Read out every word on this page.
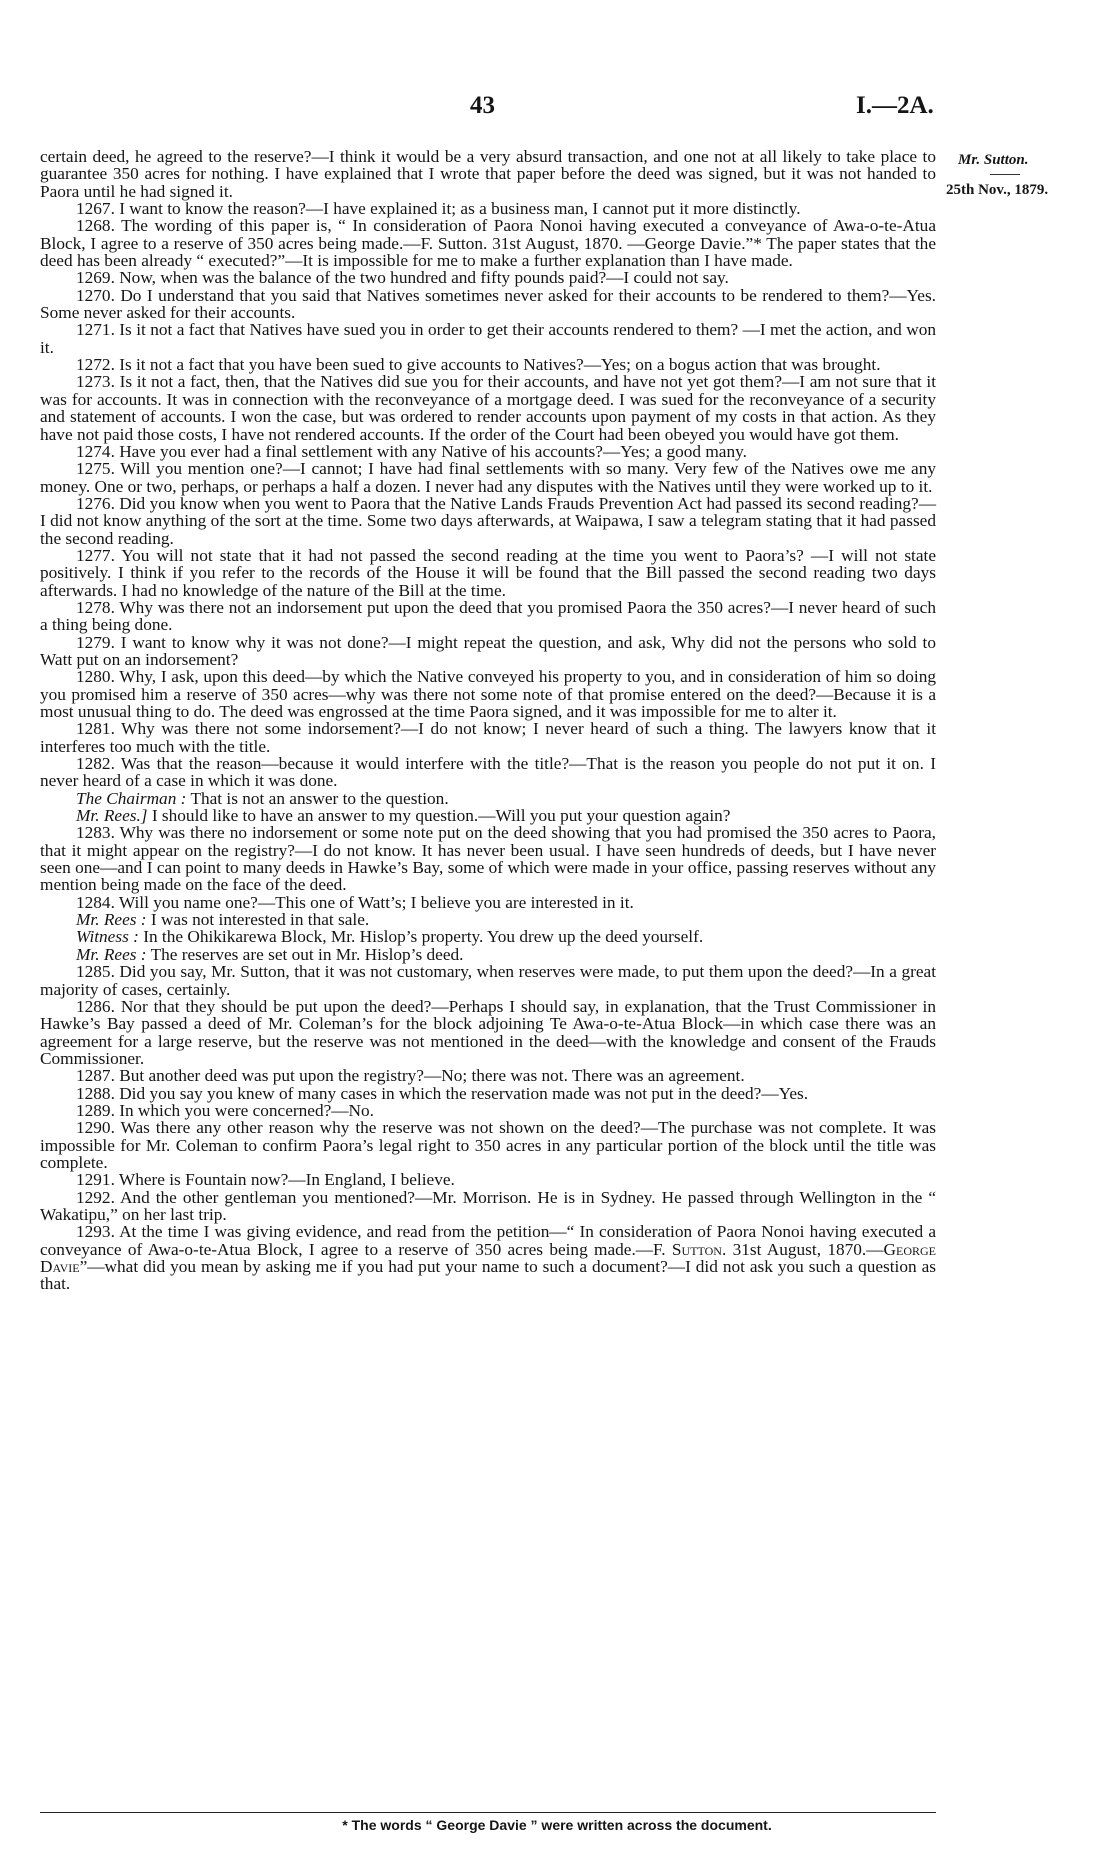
43	I.—2A.
Mr. Sutton.
25th Nov., 1879.

certain deed, he agreed to the reserve?—I think it would be a very absurd transaction, and one not at all likely to take place to guarantee 350 acres for nothing. I have explained that I wrote that paper before the deed was signed, but it was not handed to Paora until he had signed it.

1267. I want to know the reason?—I have explained it; as a business man, I cannot put it more distinctly.

1268. The wording of this paper is, “ In consideration of Paora Nonoi having executed a conveyance of Awa-o-te-Atua Block, I agree to a reserve of 350 acres being made.—F. Sutton. 31st August, 1870. —George Davie.”* The paper states that the deed has been already “ executed?”—It is impossible for me to make a further explanation than I have made.

1269. Now, when was the balance of the two hundred and fifty pounds paid?—I could not say.

1270. Do I understand that you said that Natives sometimes never asked for their accounts to be rendered to them?—Yes. Some never asked for their accounts.

1271. Is it not a fact that Natives have sued you in order to get their accounts rendered to them? —I met the action, and won it.

1272. Is it not a fact that you have been sued to give accounts to Natives?—Yes; on a bogus action that was brought.

1273. Is it not a fact, then, that the Natives did sue you for their accounts, and have not yet got them?—I am not sure that it was for accounts. It was in connection with the reconveyance of a mortgage deed. I was sued for the reconveyance of a security and statement of accounts. I won the case, but was ordered to render accounts upon payment of my costs in that action. As they have not paid those costs, I have not rendered accounts. If the order of the Court had been obeyed you would have got them.

1274. Have you ever had a final settlement with any Native of his accounts?—Yes; a good many.

1275. Will you mention one?—I cannot; I have had final settlements with so many. Very few of the Natives owe me any money. One or two, perhaps, or perhaps a half a dozen. I never had any disputes with the Natives until they were worked up to it.

1276. Did you know when you went to Paora that the Native Lands Frauds Prevention Act had passed its second reading?—I did not know anything of the sort at the time. Some two days afterwards, at Waipawa, I saw a telegram stating that it had passed the second reading.

1277. You will not state that it had not passed the second reading at the time you went to Paora’s? —I will not state positively. I think if you refer to the records of the House it will be found that the Bill passed the second reading two days afterwards. I had no knowledge of the nature of the Bill at the time.

1278. Why was there not an indorsement put upon the deed that you promised Paora the 350 acres?—I never heard of such a thing being done.

1279. I want to know why it was not done?—I might repeat the question, and ask, Why did not the persons who sold to Watt put on an indorsement?

1280. Why, I ask, upon this deed—by which the Native conveyed his property to you, and in consideration of him so doing you promised him a reserve of 350 acres—why was there not some note of that promise entered on the deed?—Because it is a most unusual thing to do. The deed was engrossed at the time Paora signed, and it was impossible for me to alter it.

1281. Why was there not some indorsement?—I do not know; I never heard of such a thing. The lawyers know that it interferes too much with the title.

1282. Was that the reason—because it would interfere with the title?—That is the reason you people do not put it on. I never heard of a case in which it was done.

The Chairman : That is not an answer to the question.

Mr. Rees.] I should like to have an answer to my question.—Will you put your question again?

1283. Why was there no indorsement or some note put on the deed showing that you had promised the 350 acres to Paora, that it might appear on the registry?—I do not know. It has never been usual. I have seen hundreds of deeds, but I have never seen one—and I can point to many deeds in Hawke’s Bay, some of which were made in your office, passing reserves without any mention being made on the face of the deed.

1284. Will you name one?—This one of Watt’s; I believe you are interested in it.

Mr. Rees : I was not interested in that sale.

Witness : In the Ohikikarewa Block, Mr. Hislop’s property. You drew up the deed yourself.

Mr. Rees : The reserves are set out in Mr. Hislop’s deed.

1285. Did you say, Mr. Sutton, that it was not customary, when reserves were made, to put them upon the deed?—In a great majority of cases, certainly.

1286. Nor that they should be put upon the deed?—Perhaps I should say, in explanation, that the Trust Commissioner in Hawke’s Bay passed a deed of Mr. Coleman’s for the block adjoining Te Awa-o-te-Atua Block—in which case there was an agreement for a large reserve, but the reserve was not mentioned in the deed—with the knowledge and consent of the Frauds Commissioner.

1287. But another deed was put upon the registry?—No; there was not. There was an agreement.

1288. Did you say you knew of many cases in which the reservation made was not put in the deed?—Yes.

1289. In which you were concerned?—No.

1290. Was there any other reason why the reserve was not shown on the deed?—The purchase was not complete. It was impossible for Mr. Coleman to confirm Paora’s legal right to 350 acres in any particular portion of the block until the title was complete.

1291. Where is Fountain now?—In England, I believe.

1292. And the other gentleman you mentioned?—Mr. Morrison. He is in Sydney. He passed through Wellington in the “ Wakatipu,” on her last trip.

1293. At the time I was giving evidence, and read from the petition—“ In consideration of Paora Nonoi having executed a conveyance of Awa-o-te-Atua Block, I agree to a reserve of 350 acres being made.—F. Sutton. 31st August, 1870.—George Davie”—what did you mean by asking me if you had put your name to such a document?—I did not ask you such a question as that.

* The words “ George Davie ” were written across the document.
